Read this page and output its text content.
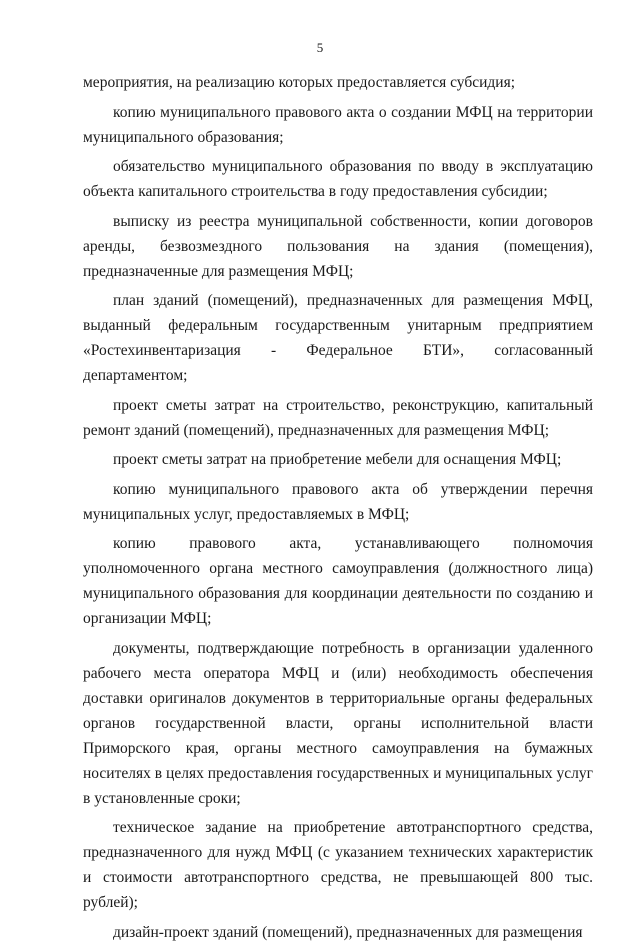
5

мероприятия, на реализацию которых предоставляется субсидия;

копию муниципального правового акта о создании МФЦ на территории муниципального образования;

обязательство муниципального образования по вводу в эксплуатацию объекта капитального строительства в году предоставления субсидии;

выписку из реестра муниципальной собственности, копии договоров аренды, безвозмездного пользования на здания (помещения), предназначенные для размещения МФЦ;

план зданий (помещений), предназначенных для размещения МФЦ, выданный федеральным государственным унитарным предприятием «Ростехинвентаризация - Федеральное БТИ», согласованный департаментом;

проект сметы затрат на строительство, реконструкцию, капитальный ремонт зданий (помещений), предназначенных для размещения МФЦ;

проект сметы затрат на приобретение мебели для оснащения МФЦ;

копию муниципального правового акта об утверждении перечня муниципальных услуг, предоставляемых в МФЦ;

копию правового акта, устанавливающего полномочия уполномоченного органа местного самоуправления (должностного лица) муниципального образования для координации деятельности по созданию и организации МФЦ;

документы, подтверждающие потребность в организации удаленного рабочего места оператора МФЦ и (или) необходимость обеспечения доставки оригиналов документов в территориальные органы федеральных органов государственной власти, органы исполнительной власти Приморского края, органы местного самоуправления на бумажных носителях в целях предоставления государственных и муниципальных услуг в установленные сроки;

техническое задание на приобретение автотранспортного средства, предназначенного для нужд МФЦ (с указанием технических характеристик и стоимости автотранспортного средства, не превышающей 800 тыс. рублей);

дизайн-проект зданий (помещений), предназначенных для размещения
